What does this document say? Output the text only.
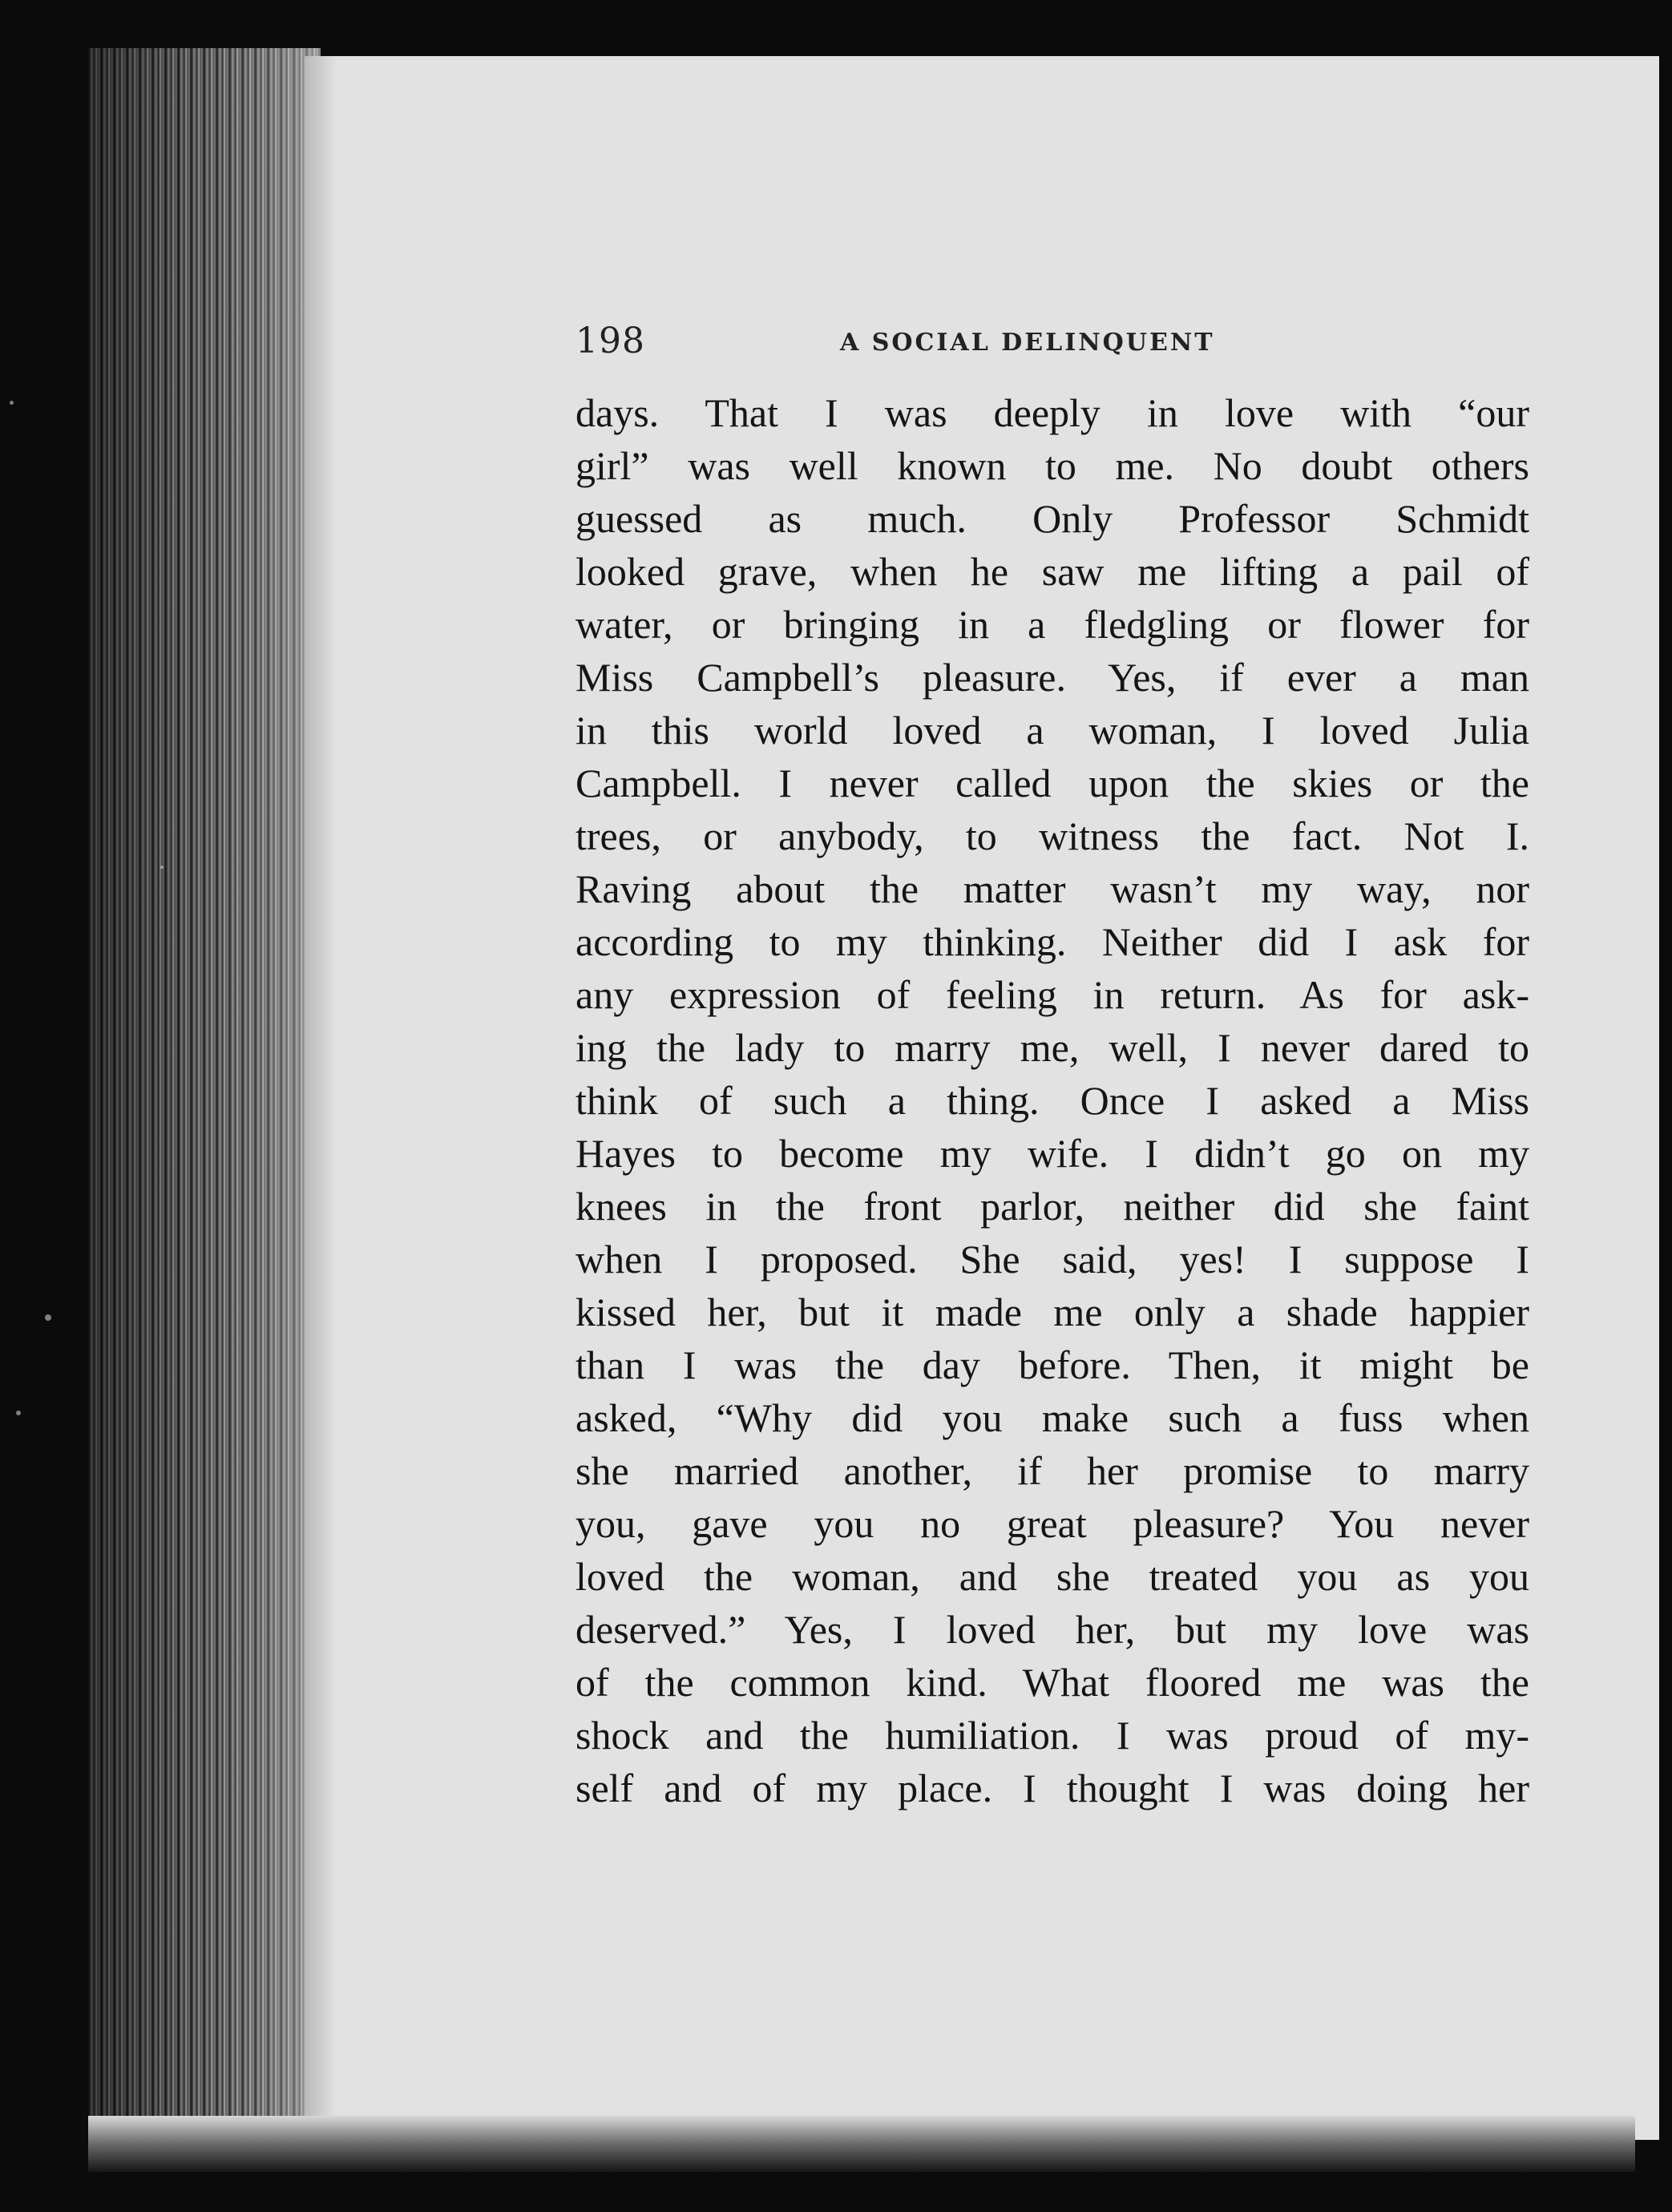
198	A SOCIAL DELINQUENT
days. That I was deeply in love with “our
girl” was well known to me. No doubt others
guessed as much. Only Professor Schmidt
looked grave, when he saw me lifting a pail of
water, or bringing in a fledgling or flower for
Miss Campbell’s pleasure. Yes, if ever a man
in this world loved a woman, I loved Julia
Campbell. I never called upon the skies or the
trees, or anybody, to witness the fact. Not I.
Raving about the matter wasn’t my way, nor
according to my thinking. Neither did I ask for
any expression of feeling in return. As for ask-
ing the lady to marry me, well, I never dared to
think of such a thing. Once I asked a Miss
Hayes to become my wife. I didn’t go on my
knees in the front parlor, neither did she faint
when I proposed. She said, yes! I suppose I
kissed her, but it made me only a shade happier
than I was the day before. Then, it might be
asked, “Why did you make such a fuss when
she married another, if her promise to marry
you, gave you no great pleasure? You never
loved the woman, and she treated you as you
deserved.” Yes, I loved her, but my love was
of the common kind. What floored me was the
shock and the humiliation. I was proud of my-
self and of my place. I thought I was doing her
